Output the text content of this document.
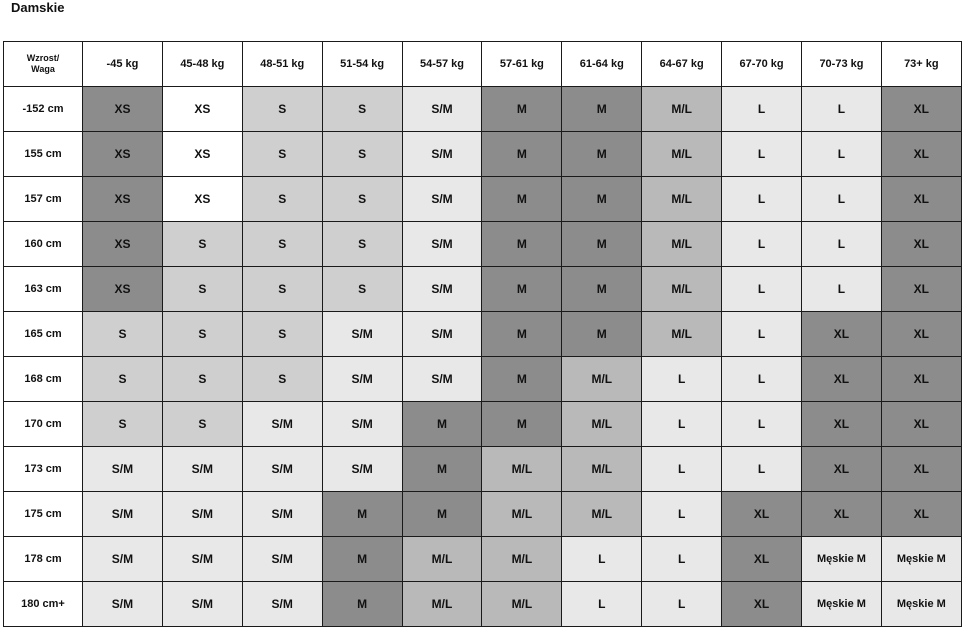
Damskie
Wzrost/
Waga	-45 kg	45-48 kg	48-51 kg	51-54 kg	54-57 kg	57-61 kg	61-64 kg	64-67 kg	67-70 kg	70-73 kg	73+ kg
-152 cm	XS	XS	S	S	S/M	M	M	M/L	L	L	XL
155 cm	XS	XS	S	S	S/M	M	M	M/L	L	L	XL
157 cm	XS	XS	S	S	S/M	M	M	M/L	L	L	XL
160 cm	XS	S	S	S	S/M	M	M	M/L	L	L	XL
163 cm	XS	S	S	S	S/M	M	M	M/L	L	L	XL
165 cm	S	S	S	S/M	S/M	M	M	M/L	L	XL	XL
168 cm	S	S	S	S/M	S/M	M	M/L	L	L	XL	XL
170 cm	S	S	S/M	S/M	M	M	M/L	L	L	XL	XL
173 cm	S/M	S/M	S/M	S/M	M	M/L	M/L	L	L	XL	XL
175 cm	S/M	S/M	S/M	M	M	M/L	M/L	L	XL	XL	XL
178 cm	S/M	S/M	S/M	M	M/L	M/L	L	L	XL	Męskie M	Męskie M
180 cm+	S/M	S/M	S/M	M	M/L	M/L	L	L	XL	Męskie M	Męskie M
